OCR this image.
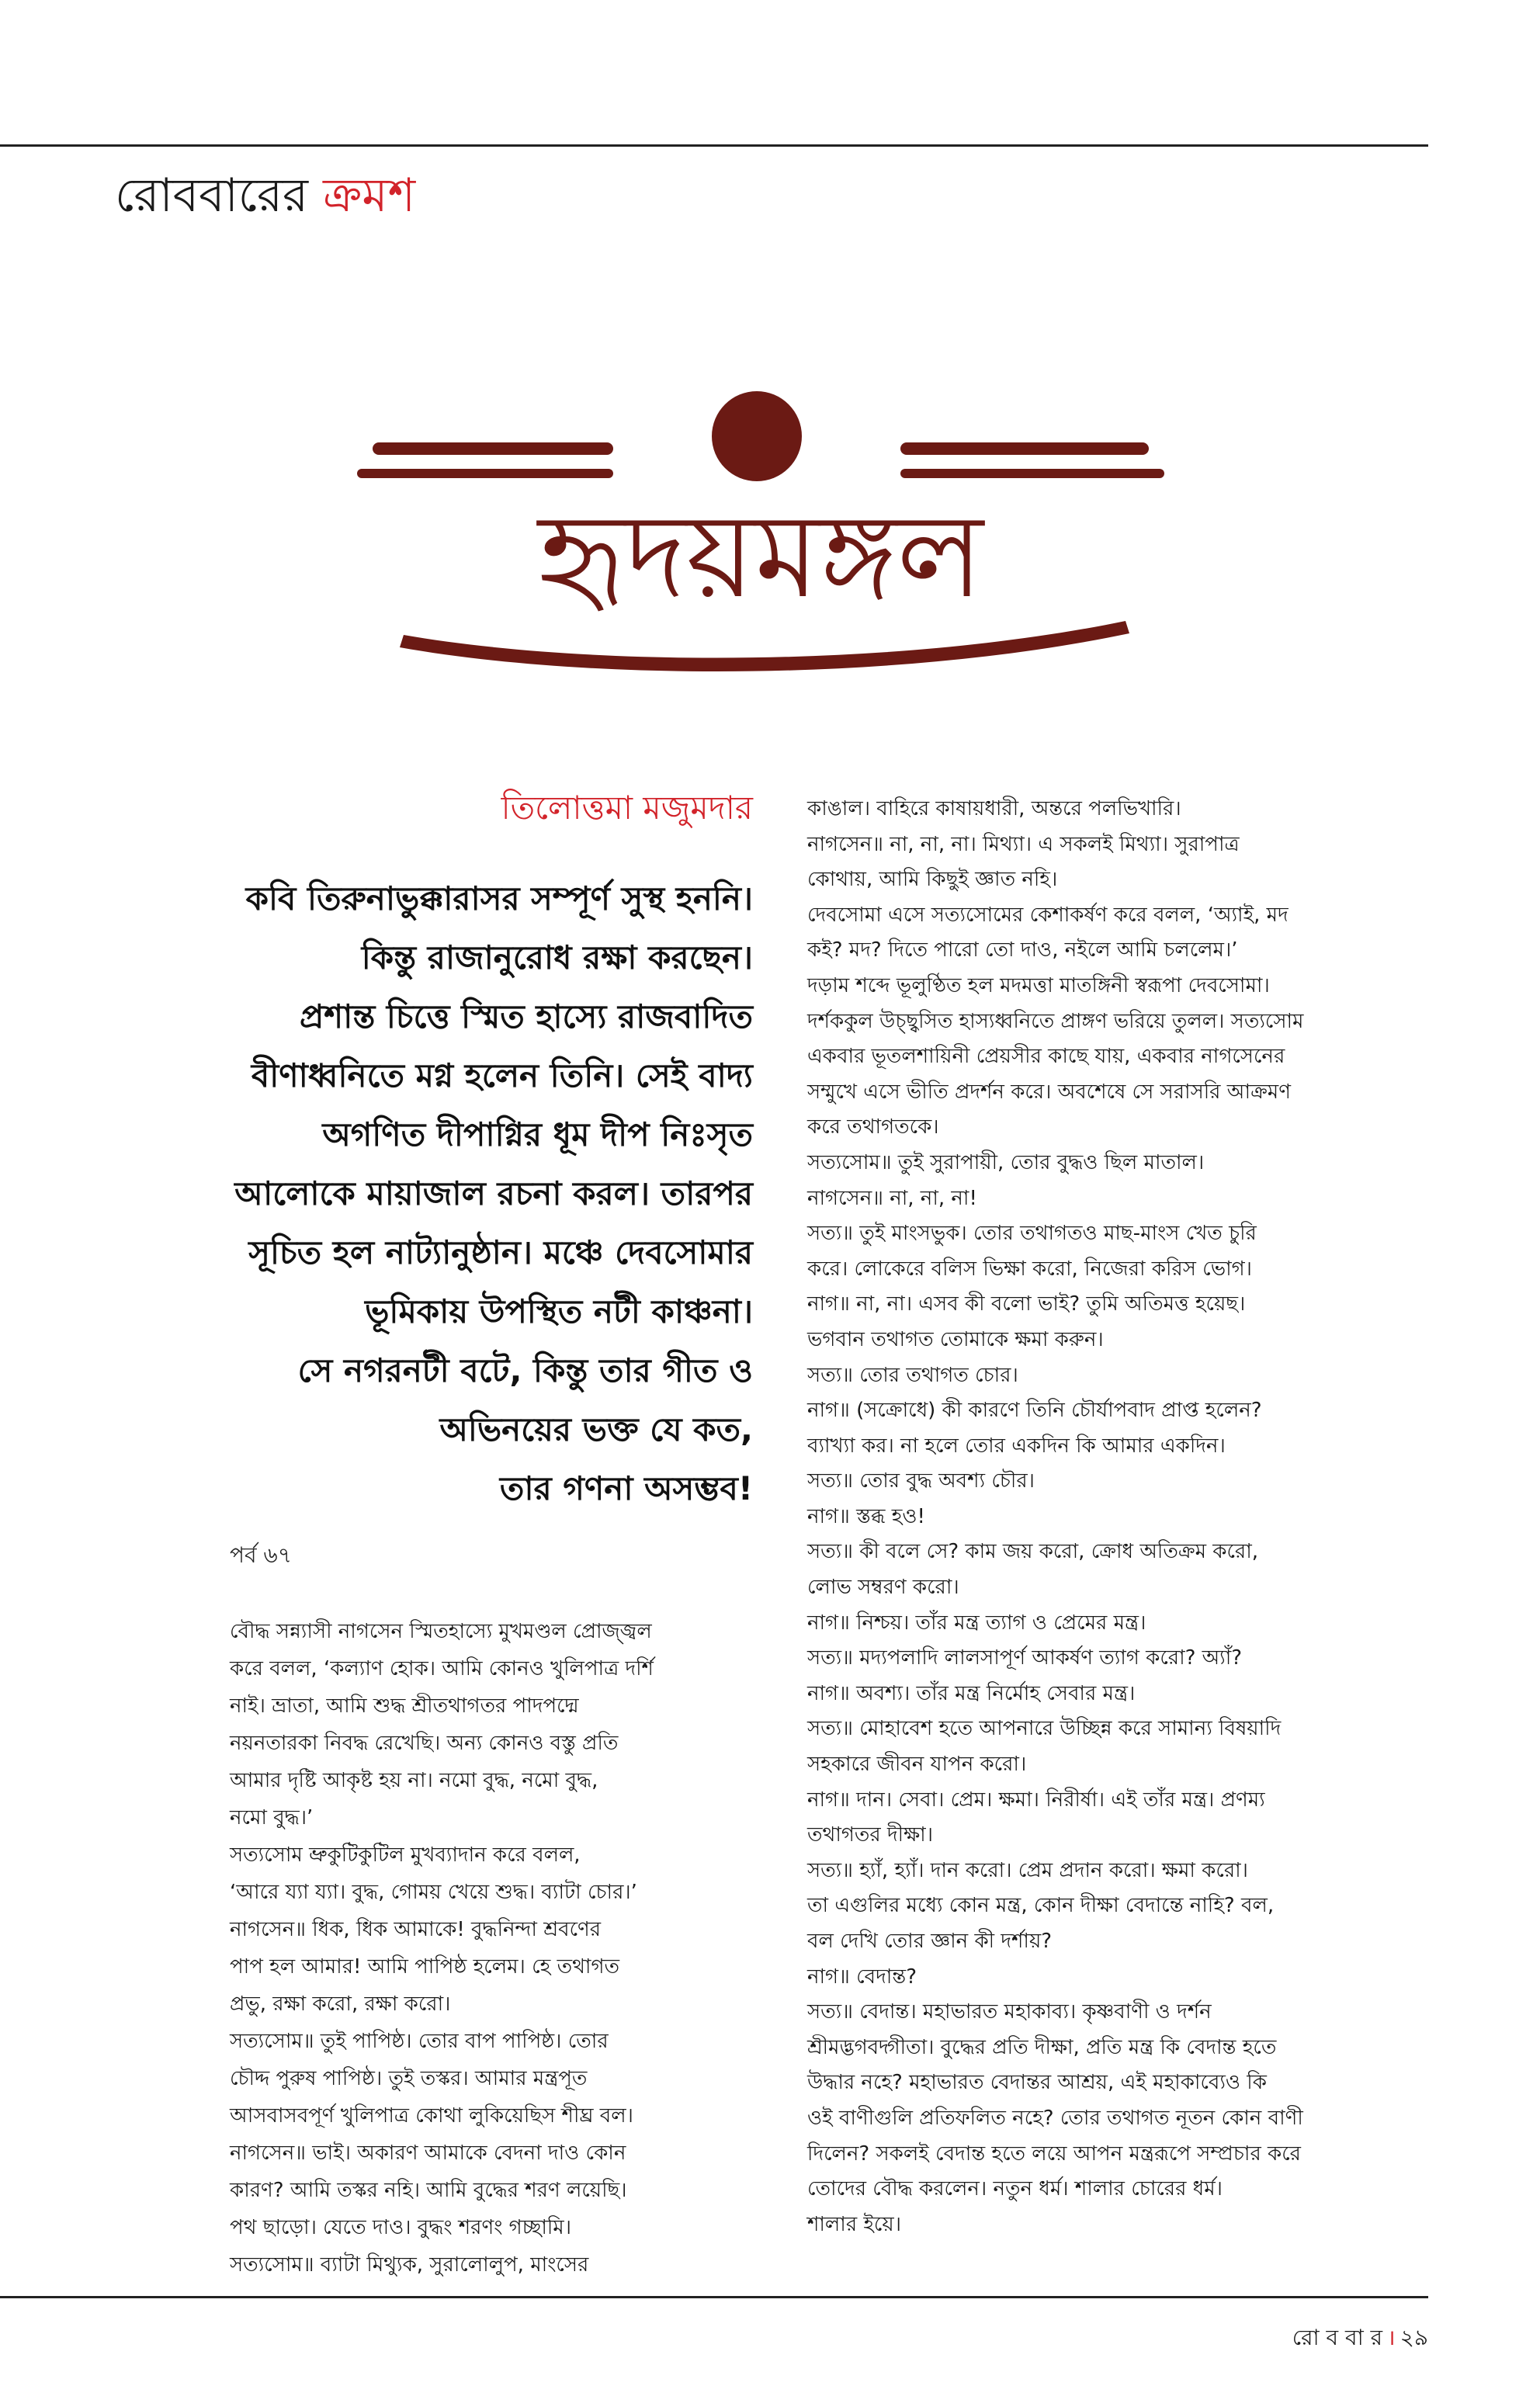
রোববারের ক্রমশ
হৃদয়মঙ্গল
তিলোত্তমা মজুমদার

কবি তিরুনাভুক্কারাসর সম্পূর্ণ সুস্থ হননি।

কিন্তু রাজানুরোধ রক্ষা করছেন।

প্রশান্ত চিত্তে স্মিত হাস্যে রাজবাদিত

বীণাধ্বনিতে মগ্ন হলেন তিনি। সেই বাদ্য

অগণিত দীপাগ্নির ধূম দীপ নিঃসৃত

আলোকে মায়াজাল রচনা করল। তারপর

সূচিত হল নাট্যানুষ্ঠান। মঞ্চে দেবসোমার

ভূমিকায় উপস্থিত নটী কাঞ্চনা।

সে নগরনটী বটে, কিন্তু তার গীত ও

অভিনয়ের ভক্ত যে কত,

তার গণনা অসম্ভব!

পর্ব ৬৭

বৌদ্ধ সন্ন্যাসী নাগসেন স্মিতহাস্যে মুখমণ্ডল প্রোজ্জ্বল

করে বলল, ‘কল্যাণ হোক। আমি কোনও খুলিপাত্র দর্শি

নাই। ভ্রাতা, আমি শুদ্ধ শ্রীতথাগতর পাদপদ্মে

নয়নতারকা নিবদ্ধ রেখেছি। অন্য কোনও বস্তু প্রতি

আমার দৃষ্টি আকৃষ্ট হয় না। নমো বুদ্ধ, নমো বুদ্ধ,

নমো বুদ্ধ।’

সত্যসোম ভ্রুকুটিকুটিল মুখব্যাদান করে বলল,

‘আরে য্যা য্যা। বুদ্ধ, গোময় খেয়ে শুদ্ধ। ব্যাটা চোর।’

নাগসেন॥ ধিক, ধিক আমাকে! বুদ্ধনিন্দা শ্রবণের

পাপ হল আমার! আমি পাপিষ্ঠ হলেম। হে তথাগত

প্রভু, রক্ষা করো, রক্ষা করো।

সত্যসোম॥ তুই পাপিষ্ঠ। তোর বাপ পাপিষ্ঠ। তোর

চৌদ্দ পুরুষ পাপিষ্ঠ। তুই তস্কর। আমার মন্ত্রপূত

আসবাসবপূর্ণ খুলিপাত্র কোথা লুকিয়েছিস শীঘ্র বল।

নাগসেন॥ ভাই। অকারণ আমাকে বেদনা দাও কোন

কারণ? আমি তস্কর নহি। আমি বুদ্ধের শরণ লয়েছি।

পথ ছাড়ো। যেতে দাও। বুদ্ধং শরণং গচ্ছামি।

সত্যসোম॥ ব্যাটা মিথ্যুক, সুরালোলুপ, মাংসের

কাঙাল। বাহিরে কাষায়ধারী, অন্তরে পলভিখারি।

নাগসেন॥ না, না, না। মিথ্যা। এ সকলই মিথ্যা। সুরাপাত্র

কোথায়, আমি কিছুই জ্ঞাত নহি।

দেবসোমা এসে সত্যসোমের কেশাকর্ষণ করে বলল, ‘অ্যাই, মদ

কই? মদ? দিতে পারো তো দাও, নইলে আমি চললেম।’

দড়াম শব্দে ভূলুণ্ঠিত হল মদমত্তা মাতঙ্গিনী স্বরূপা দেবসোমা।

দর্শককুল উচ্ছ্বসিত হাস্যধ্বনিতে প্রাঙ্গণ ভরিয়ে তুলল। সত্যসোম

একবার ভূতলশায়িনী প্রেয়সীর কাছে যায়, একবার নাগসেনের

সম্মুখে এসে ভীতি প্রদর্শন করে। অবশেষে সে সরাসরি আক্রমণ

করে তথাগতকে।

সত্যসোম॥ তুই সুরাপায়ী, তোর বুদ্ধও ছিল মাতাল।

নাগসেন॥ না, না, না!

সত্য॥ তুই মাংসভুক। তোর তথাগতও মাছ-মাংস খেত চুরি

করে। লোকেরে বলিস ভিক্ষা করো, নিজেরা করিস ভোগ।

নাগ॥ না, না। এসব কী বলো ভাই? তুমি অতিমত্ত হয়েছ।

ভগবান তথাগত তোমাকে ক্ষমা করুন।

সত্য॥ তোর তথাগত চোর।

নাগ॥ (সক্রোধে) কী কারণে তিনি চৌর্যাপবাদ প্রাপ্ত হলেন?

ব্যাখ্যা কর। না হলে তোর একদিন কি আমার একদিন।

সত্য॥ তোর বুদ্ধ অবশ্য চৌর।

নাগ॥ স্তব্ধ হও!

সত্য॥ কী বলে সে? কাম জয় করো, ক্রোধ অতিক্রম করো,

লোভ সম্বরণ করো।

নাগ॥ নিশ্চয়। তাঁর মন্ত্র ত্যাগ ও প্রেমের মন্ত্র।

সত্য॥ মদ্যপলাদি লালসাপূর্ণ আকর্ষণ ত্যাগ করো? অ্যাঁ?

নাগ॥ অবশ্য। তাঁর মন্ত্র নির্মোহ সেবার মন্ত্র।

সত্য॥ মোহাবেশ হতে আপনারে উচ্ছিন্ন করে সামান্য বিষয়াদি

সহকারে জীবন যাপন করো।

নাগ॥ দান। সেবা। প্রেম। ক্ষমা। নিরীর্ষা। এই তাঁর মন্ত্র। প্রণম্য

তথাগতর দীক্ষা।

সত্য॥ হ্যাঁ, হ্যাঁ। দান করো। প্রেম প্রদান করো। ক্ষমা করো।

তা এগুলির মধ্যে কোন মন্ত্র, কোন দীক্ষা বেদান্তে নাহি? বল,

বল দেখি তোর জ্ঞান কী দর্শায়?

নাগ॥ বেদান্ত?

সত্য॥ বেদান্ত। মহাভারত মহাকাব্য। কৃষ্ণবাণী ও দর্শন

শ্রীমদ্ভগবদ্গীতা। বুদ্ধের প্রতি দীক্ষা, প্রতি মন্ত্র কি বেদান্ত হতে

উদ্ধার নহে? মহাভারত বেদান্তর আশ্রয়, এই মহাকাব্যেও কি

ওই বাণীগুলি প্রতিফলিত নহে? তোর তথাগত নূতন কোন বাণী

দিলেন? সকলই বেদান্ত হতে লয়ে আপন মন্ত্ররূপে সম্প্রচার করে

তোদের বৌদ্ধ করলেন। নতুন ধর্ম। শালার চোরের ধর্ম।

শালার ইয়ে।

রো ব বা র । ২৯
